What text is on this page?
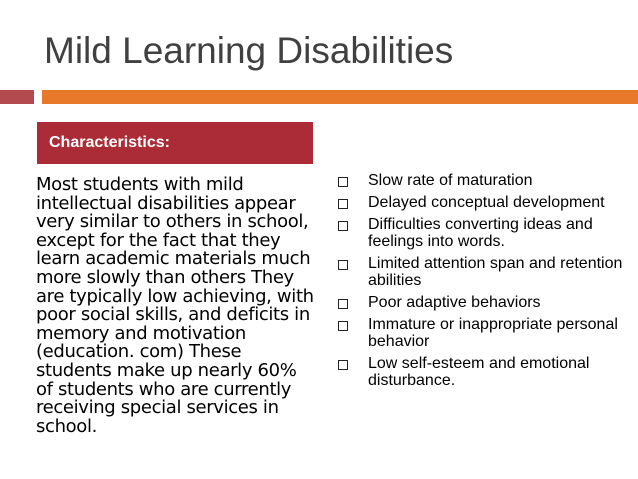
Mild Learning Disabilities
Characteristics:

Most students with mild intellectual disabilities appear very similar to others in school, except for the fact that they learn academic materials much more slowly than others They are typically low achieving, with poor social skills, and deficits in memory and motivation (education. com) These students make up nearly 60% of students who are currently receiving special services in school.

Slow rate of maturation
Delayed conceptual development
Difficulties converting ideas and feelings into words.
Limited attention span and retention abilities
Poor adaptive behaviors
Immature or inappropriate personal behavior
Low self-esteem and emotional disturbance.
